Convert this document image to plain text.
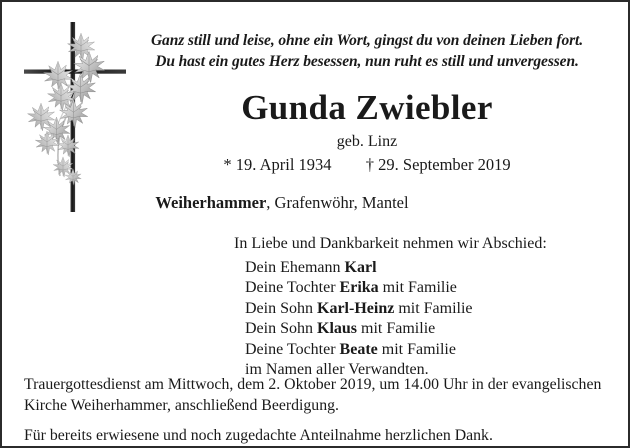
Ganz still und leise, ohne ein Wort, gingst du von deinen Lieben fort.
Du hast ein gutes Herz besessen, nun ruht es still und unvergessen.
Gunda Zwiebler
geb. Linz
* 19. April 1934 † 29. September 2019
Weiherhammer, Grafenwöhr, Mantel
In Liebe und Dankbarkeit nehmen wir Abschied:
Dein Ehemann Karl
Deine Tochter Erika mit Familie
Dein Sohn Karl-Heinz mit Familie
Dein Sohn Klaus mit Familie
Deine Tochter Beate mit Familie
im Namen aller Verwandten.

Trauergottesdienst am Mittwoch, dem 2. Oktober 2019, um 14.00 Uhr in der evangelischen Kirche Weiherhammer, anschließend Beerdigung.

Für bereits erwiesene und noch zugedachte Anteilnahme herzlichen Dank.
